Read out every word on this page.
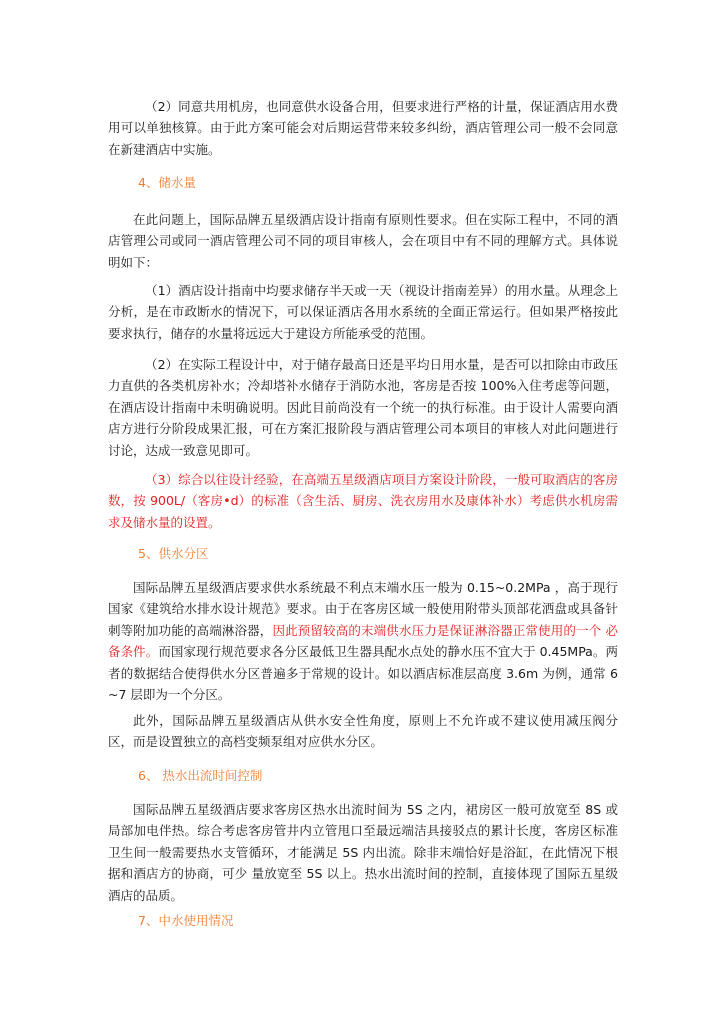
（2）同意共用机房，也同意供水设备合用，但要求进行严格的计量，保证酒店用水费用可以单独核算。由于此方案可能会对后期运营带来较多纠纷，酒店管理公司一般不会同意在新建酒店中实施。

4、储水量

在此问题上，国际品牌五星级酒店设计指南有原则性要求。但在实际工程中，不同的酒店管理公司或同一酒店管理公司不同的项目审核人，会在项目中有不同的理解方式。具体说明如下：

（1）酒店设计指南中均要求储存半天或一天（视设计指南差异）的用水量。从理念上分析，是在市政断水的情况下，可以保证酒店各用水系统的全面正常运行。但如果严格按此要求执行，储存的水量将远远大于建设方所能承受的范围。

（2）在实际工程设计中，对于储存最高日还是平均日用水量，是否可以扣除由市政压力直供的各类机房补水；冷却塔补水储存于消防水池，客房是否按 100%入住考虑等问题，在酒店设计指南中未明确说明。因此目前尚没有一个统一的执行标准。由于设计人需要向酒店方进行分阶段成果汇报，可在方案汇报阶段与酒店管理公司本项目的审核人对此问题进行讨论，达成一致意见即可。

（3）综合以往设计经验，在高端五星级酒店项目方案设计阶段，一般可取酒店的客房数，按 900L/（客房•d）的标准（含生活、厨房、洗衣房用水及康体补水）考虑供水机房需求及储水量的设置。

5、供水分区

国际品牌五星级酒店要求供水系统最不利点末端水压一般为 0.15~0.2MPa ，高于现行国家《建筑给水排水设计规范》要求。由于在客房区域一般使用附带头顶部花洒盘或具备针刺等附加功能的高端淋浴器，因此预留较高的末端供水压力是保证淋浴器正常使用的一个 必备条件。而国家现行规范要求各分区最低卫生器具配水点处的静水压不宜大于 0.45MPa。两者的数据结合使得供水分区普遍多于常规的设计。如以酒店标准层高度 3.6m 为例，通常 6~7 层即为一个分区。

此外，国际品牌五星级酒店从供水安全性角度，原则上不允许或不建议使用减压阀分区，而是设置独立的高档变频泵组对应供水分区。

6、 热水出流时间控制

国际品牌五星级酒店要求客房区热水出流时间为 5S 之内，裙房区一般可放宽至 8S 或局部加电伴热。综合考虑客房管井内立管甩口至最远端洁具接驳点的累计长度，客房区标准卫生间一般需要热水支管循环，才能满足 5S 内出流。除非末端恰好是浴缸，在此情况下根据和酒店方的协商，可少 量放宽至 5S 以上。热水出流时间的控制，直接体现了国际五星级酒店的品质。

7、中水使用情况
